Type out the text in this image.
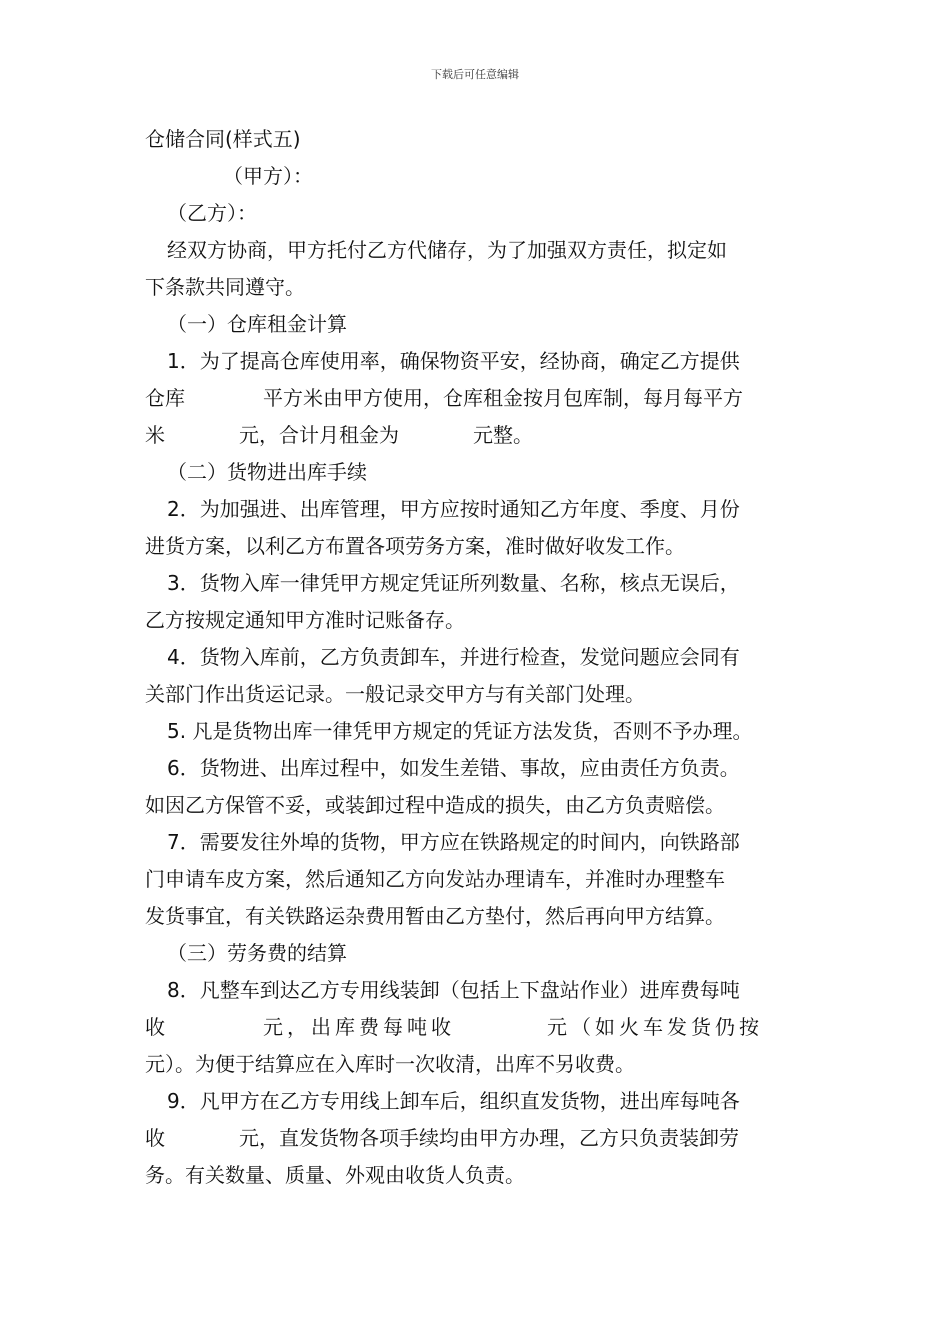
下载后可任意编辑
仓储合同(样式五)
（甲方）：
（乙方）：
经双方协商，甲方托付乙方代储存，为了加强双方责任，拟定如
下条款共同遵守。
（一）仓库租金计算
1．为了提高仓库使用率，确保物资平安，经协商，确定乙方提供
仓库	平方米由甲方使用，仓库租金按月包库制，每月每平方
米	元，合计月租金为	元整。
（二）货物进出库手续
2．为加强进、出库管理，甲方应按时通知乙方年度、季度、月份
进货方案，以利乙方布置各项劳务方案，准时做好收发工作。
3．货物入库一律凭甲方规定凭证所列数量、名称，核点无误后，
乙方按规定通知甲方准时记账备存。
4．货物入库前，乙方负责卸车，并进行检查，发觉问题应会同有
关部门作出货运记录。一般记录交甲方与有关部门处理。
5. 凡是货物出库一律凭甲方规定的凭证方法发货，否则不予办理。
6．货物进、出库过程中，如发生差错、事故，应由责任方负责。
如因乙方保管不妥，或装卸过程中造成的损失，由乙方负责赔偿。
7．需要发往外埠的货物，甲方应在铁路规定的时间内，向铁路部
门申请车皮方案，然后通知乙方向发站办理请车，并准时办理整车
发货事宜，有关铁路运杂费用暂由乙方垫付，然后再向甲方结算。
（三）劳务费的结算
8．凡整车到达乙方专用线装卸（包括上下盘站作业）进库费每吨
收	元，出库费每吨收	元（如火车发货仍按
元）。为便于结算应在入库时一次收清，出库不另收费。
9．凡甲方在乙方专用线上卸车后，组织直发货物，进出库每吨各
收	元，直发货物各项手续均由甲方办理，乙方只负责装卸劳
务。有关数量、质量、外观由收货人负责。
